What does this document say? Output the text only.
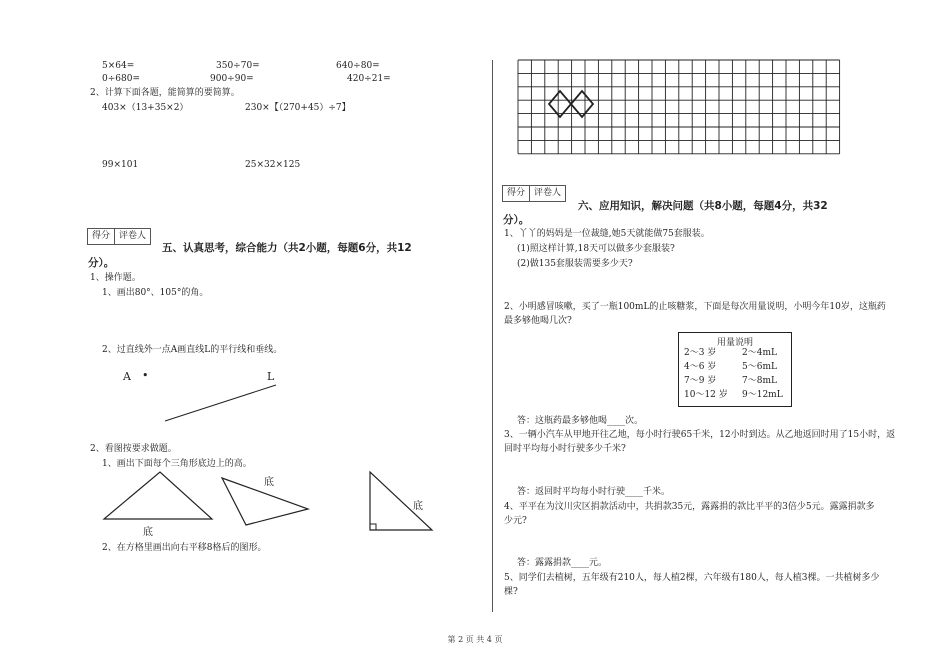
5×64=	350÷70=	640÷80=
0÷680=	900÷90=	420÷21=
2、计算下面各题，能简算的要简算。
403×（13+35×2）	230×【（270+45）÷7】
99×101	25×32×125
得分	评卷人
五、认真思考，综合能力（共2小题，每题6分，共12
分）。
1、操作题。
1、画出80°、105°的角。
2、过直线外一点A画直线L的平行线和垂线。
A •	L
2、看图按要求做题。
1、画出下面每个三角形底边上的高。
底
底
底
2、在方格里画出向右平移8格后的图形。
得分	评卷人
六、应用知识，解决问题（共8小题，每题4分，共32
分）。
1、丫丫的妈妈是一位裁缝,她5天就能做75套服装。
(1)照这样计算,18天可以做多少套服装?
(2)做135套服装需要多少天?
2、小明感冒咳嗽，买了一瓶100mL的止咳糖浆，下面是每次用量说明，小明今年10岁，这瓶药
最多够他喝几次?
用量说明
2～3 岁	2～4mL
4～6 岁	5～6mL
7～9 岁	7～8mL
10～12 岁 9～12mL
答：这瓶药最多够他喝____次。
3、一辆小汽车从甲地开往乙地，每小时行驶65千米，12小时到达。从乙地返回时用了15小时，返
回时平均每小时行驶多少千米?
答：返回时平均每小时行驶____千米。
4、平平在为汶川灾区捐款活动中，共捐款35元，露露捐的款比平平的3倍少5元。露露捐款多
少元?
答：露露捐款____元。
5、同学们去植树，五年级有210人，每人植2棵，六年级有180人，每人植3棵。一共植树多少
棵?
第 2 页 共 4 页
